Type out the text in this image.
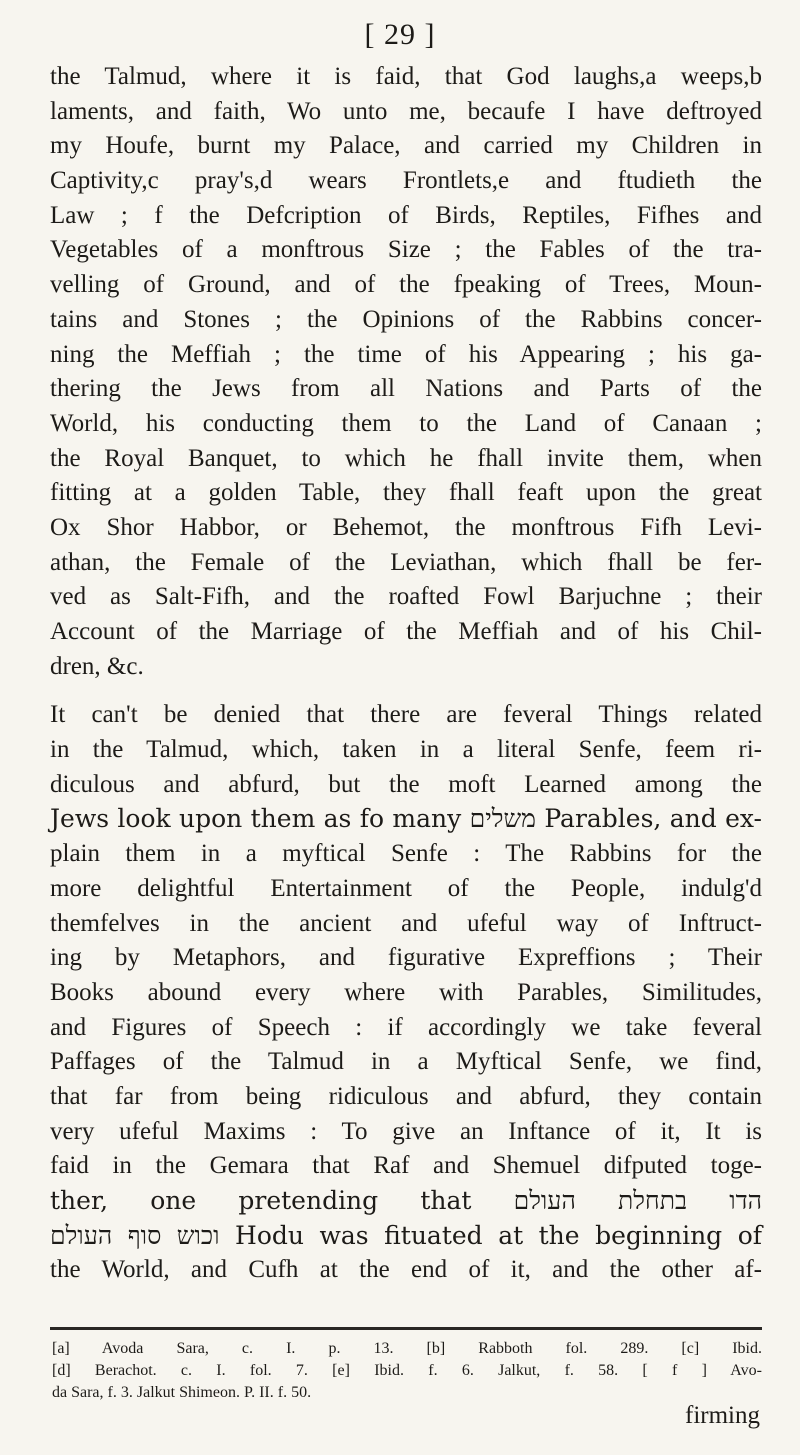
[ 29 ]
the Talmud, where it is faid, that God laughs,a weeps,b
laments, and faith, Wo unto me, becaufe I have deftroyed
my Houfe, burnt my Palace, and carried my Children in
Captivity,c pray's,d wears Frontlets,e and ftudieth the
Law ; f the Defcription of Birds, Reptiles, Fifhes and
Vegetables of a monftrous Size ; the Fables of the tra-
velling of Ground, and of the fpeaking of Trees, Moun-
tains and Stones ; the Opinions of the Rabbins concer-
ning the Meffiah ; the time of his Appearing ; his ga-
thering the Jews from all Nations and Parts of the
World, his conducting them to the Land of Canaan ;
the Royal Banquet, to which he fhall invite them, when
fitting at a golden Table, they fhall feaft upon the great
Ox Shor Habbor, or Behemot, the monftrous Fifh Levi-
athan, the Female of the Leviathan, which fhall be fer-
ved as Salt-Fifh, and the roafted Fowl Barjuchne ; their
Account of the Marriage of the Meffiah and of his Chil-
dren, &c.
It can't be denied that there are feveral Things related
in the Talmud, which, taken in a literal Senfe, feem ri-
diculous and abfurd, but the moft Learned among the
Jews look upon them as fo many משלים Parables, and ex-
plain them in a myftical Senfe : The Rabbins for the
more delightful Entertainment of the People, indulg'd
themfelves in the ancient and ufeful way of Inftruct-
ing by Metaphors, and figurative Expreffions ; Their
Books abound every where with Parables, Similitudes,
and Figures of Speech : if accordingly we take feveral
Paffages of the Talmud in a Myftical Senfe, we find,
that far from being ridiculous and abfurd, they contain
very ufeful Maxims : To give an Inftance of it, It is
faid in the Gemara that Raf and Shemuel difputed toge-
ther, one pretending that הדו בתחלת העולם
וכוש סוף העולם Hodu was fituated at the beginning of
the World, and Cufh at the end of it, and the other af-
[a] Avoda Sara, c. I. p. 13. [b] Rabboth fol. 289. [c] Ibid.
[d] Berachot. c. I. fol. 7. [e] Ibid. f. 6. Jalkut, f. 58. [ f ] Avo-
da Sara, f. 3. Jalkut Shimeon. P. II. f. 50.
firming
